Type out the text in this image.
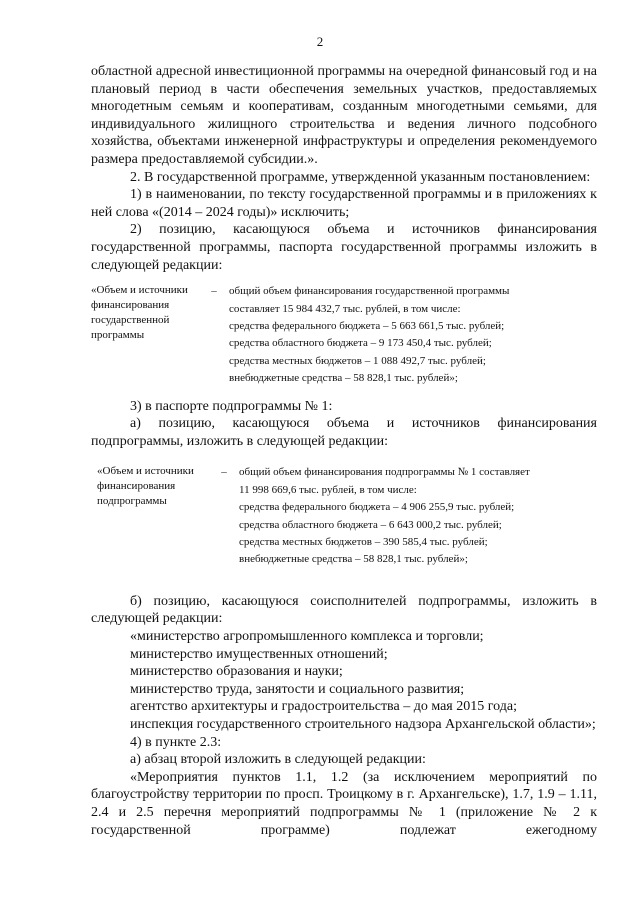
2

областной адресной инвестиционной программы на очередной финансовый год и на плановый период в части обеспечения земельных участков, предоставляемых многодетным семьям и кооперативам, созданным многодетными семьями, для индивидуального жилищного строительства и ведения личного подсобного хозяйства, объектами инженерной инфраструктуры и определения рекомендуемого размера предоставляемой субсидии.».

2. В государственной программе, утвержденной указанным постановлением:

1) в наименовании, по тексту государственной программы и в приложениях к ней слова «(2014 – 2024 годы)» исключить;

2) позицию, касающуюся объема и источников финансирования государственной программы, паспорта государственной программы изложить в следующей редакции:

«Объем и источники финансирования государственной программы
–	общий объем финансирования государственной программы
составляет 15 984 432,7 тыс. рублей, в том числе:
средства федерального бюджета – 5 663 661,5 тыс. рублей;
средства областного бюджета – 9 173 450,4 тыс. рублей;
средства местных бюджетов – 1 088 492,7 тыс. рублей;
внебюджетные средства – 58 828,1 тыс. рублей»;

3) в паспорте подпрограммы № 1:

а) позицию, касающуюся объема и источников финансирования подпрограммы, изложить в следующей редакции:

«Объем и источники финансирования подпрограммы
–	общий объем финансирования подпрограммы № 1 составляет
11 998 669,6 тыс. рублей, в том числе:
средства федерального бюджета – 4 906 255,9 тыс. рублей;
средства областного бюджета – 6 643 000,2 тыс. рублей;
средства местных бюджетов – 390 585,4 тыс. рублей;
внебюджетные средства – 58 828,1 тыс. рублей»;

б) позицию, касающуюся соисполнителей подпрограммы, изложить в следующей редакции:

«министерство агропромышленного комплекса и торговли;

министерство имущественных отношений;

министерство образования и науки;

министерство труда, занятости и социального развития;

агентство архитектуры и градостроительства – до мая 2015 года;

инспекция государственного строительного надзора Архангельской области»;

4) в пункте 2.3:

а) абзац второй изложить в следующей редакции:

«Мероприятия пунктов 1.1, 1.2 (за исключением мероприятий по благоустройству территории по просп. Троицкому в г. Архангельске), 1.7, 1.9 – 1.11, 2.4 и 2.5 перечня мероприятий подпрограммы № 1 (приложение № 2 к государственной программе) подлежат ежегодному
